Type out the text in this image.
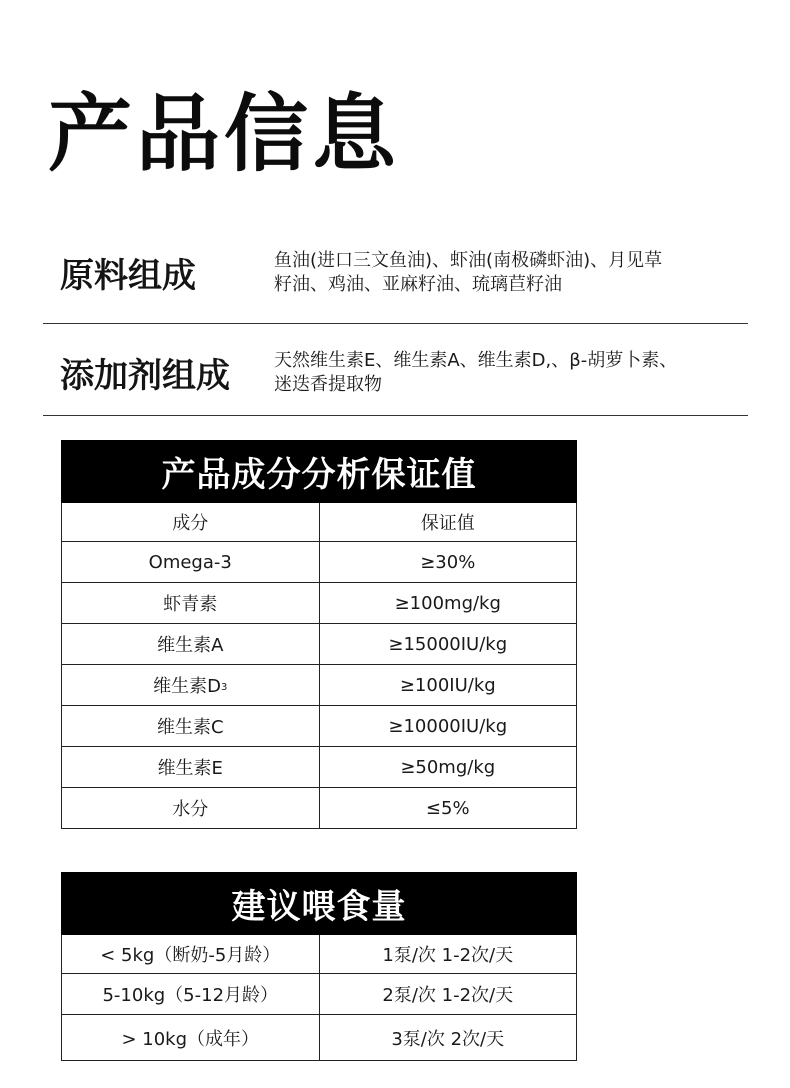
产品信息
原料组成	鱼油(进口三文鱼油)、虾油(南极磷虾油)、月见草
籽油、鸡油、亚麻籽油、琉璃苣籽油
添加剂组成 天然维生素E、维生素A、维生素D,、β-胡萝卜素、
迷迭香提取物
产品成分分析保证值
成分	保证值
Omega-3	≥30%
虾青素	≥100mg/kg
维生素A	≥15000IU/kg
维生素D 3	≥100IU/kg
维生素C	≥10000IU/kg
维生素E	≥50mg/kg
水分	≤5%
建议喂食量
< 5kg（断奶-5月龄）	1泵/次 1-2次/天
5-10kg（5-12月龄）	2泵/次 1-2次/天
> 10kg（成年）	3泵/次 2次/天
